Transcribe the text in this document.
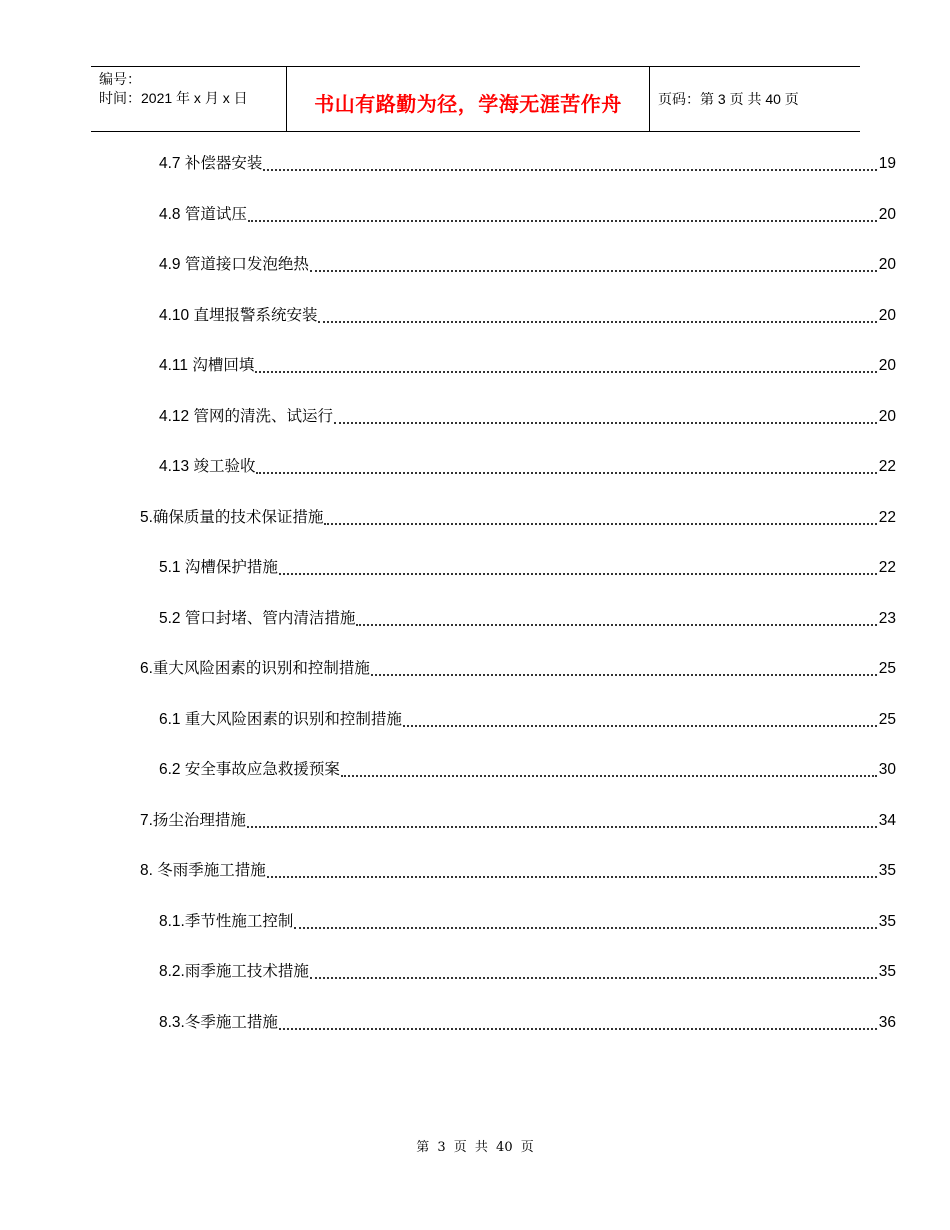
编号：
时间：2021 年 x 月 x 日	书山有路勤为径，学海无涯苦作舟	页码：第 3 页 共 40 页
4.7 补偿器安装	19
4.8 管道试压	20
4.9 管道接口发泡绝热	20
4.10 直埋报警系统安装	20
4.11 沟槽回填	20
4.12 管网的清洗、试运行	20
4.13 竣工验收	22
5.确保质量的技术保证措施	22
5.1 沟槽保护措施	22
5.2 管口封堵、管内清洁措施	23
6.重大风险困素的识别和控制措施	25
6.1 重大风险困素的识别和控制措施	25
6.2 安全事故应急救援预案	30
7.扬尘治理措施	34
8. 冬雨季施工措施	35
8.1.季节性施工控制	35
8.2.雨季施工技术措施	35
8.3.冬季施工措施	36
第 3 页 共 40 页
